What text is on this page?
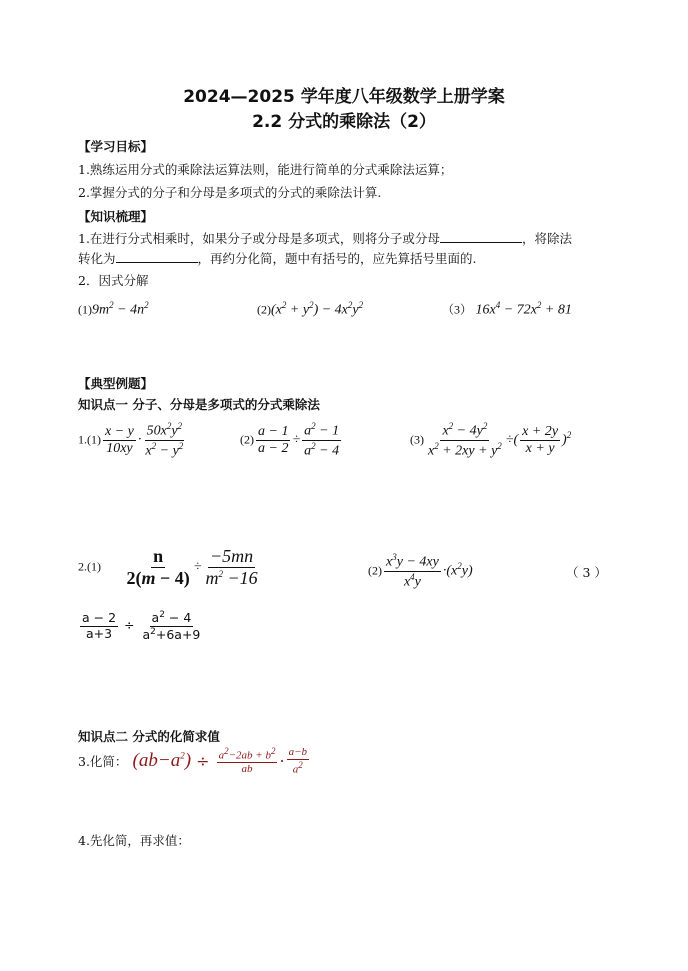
2024—2025 学年度八年级数学上册学案
2.2 分式的乘除法（2）
【学习目标】
1.熟练运用分式的乘除法运算法则，能进行简单的分式乘除法运算；
2.掌握分式的分子和分母是多项式的分式的乘除法计算.
【知识梳理】
1.在进行分式相乘时，如果分子或分母是多项式，则将分子或分母	，将除法
转化为	，再约分化简，题中有括号的，应先算括号里面的.
2．因式分解
$(1)9m^2 - 4n^2$	$(2)(x^2 + y^2) - 4x^2y^2$	（3） $16x^4 - 72x^2 + 81$
【典型例题】
知识点一 分子、分母是多项式的分式乘除法
$1.(1) \frac{x - y}{10xy} \cdot \frac{50x^2y^2}{x^2 - y^2}$	$(2) \frac{a - 1}{a - 2} \div \frac{a^2 - 1}{a^2 - 4}$	$(3) \frac{x^2 - 4y^2}{x^2 + 2xy + y^2}$ ÷( $\frac{x + 2y}{x + y} )^2$
$2.(1) \frac{n}{2(m - 4)} \div \frac{-5mn}{m^2 -16}$	$(2) \frac{x^3y - 4xy}{x^4y} \cdot(x^2y)$	（ 3 ）
$\frac{a - 2}{a+3} \div \frac{a^2 - 4}{a^2+6a+9}$
知识点二 分式的化简求值
3.化简： $(ab-a^2) \div \frac{a^2-2ab + b^2}{ab} \cdot \frac{a-b}{a^2}$
4.先化简，再求值：
